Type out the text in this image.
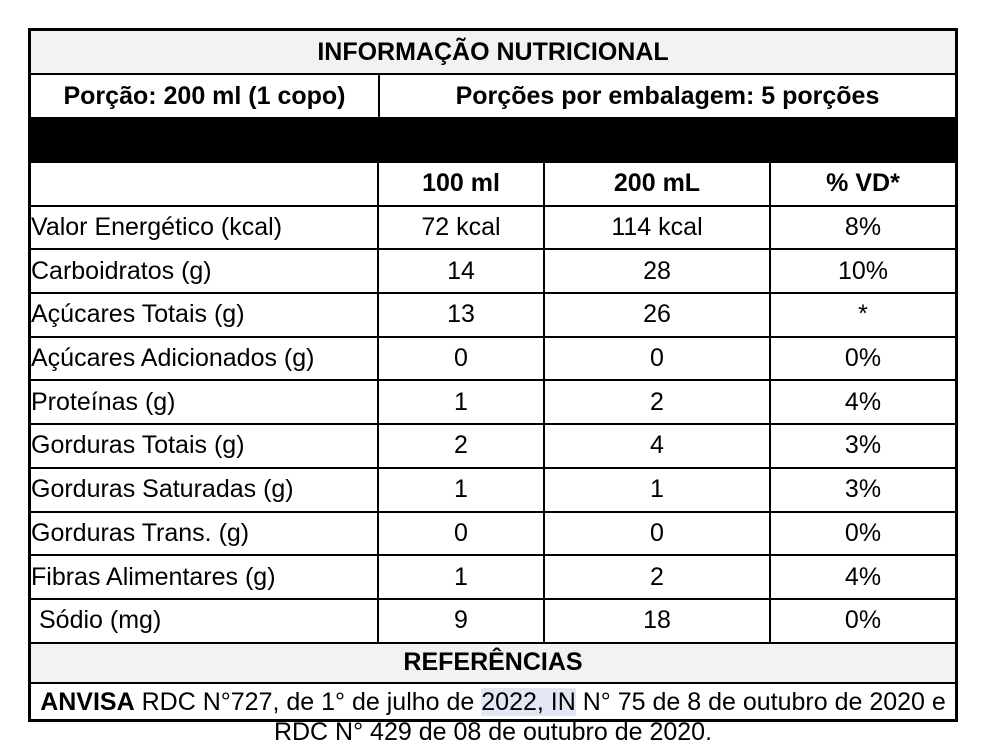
INFORMAÇÃO NUTRICIONAL
Porção: 200 ml (1 copo)	Porções por embalagem: 5 porções
	100 ml	200 mL	% VD*
Valor Energético (kcal)	72 kcal	114 kcal	8%
Carboidratos (g)	14	28	10%
Açúcares Totais (g)	13	26	*
Açúcares Adicionados (g)	0	0	0%
Proteínas (g)	1	2	4%
Gorduras Totais (g)	2	4	3%
Gorduras Saturadas (g)	1	1	3%
Gorduras Trans. (g)	0	0	0%
Fibras Alimentares (g)	1	2	4%
Sódio (mg)	9	18	0%
REFERÊNCIAS
ANVISA RDC N°727, de 1° de julho de 2022, IN N° 75 de 8 de outubro de 2020 e RDC N° 429 de 08 de outubro de 2020.
